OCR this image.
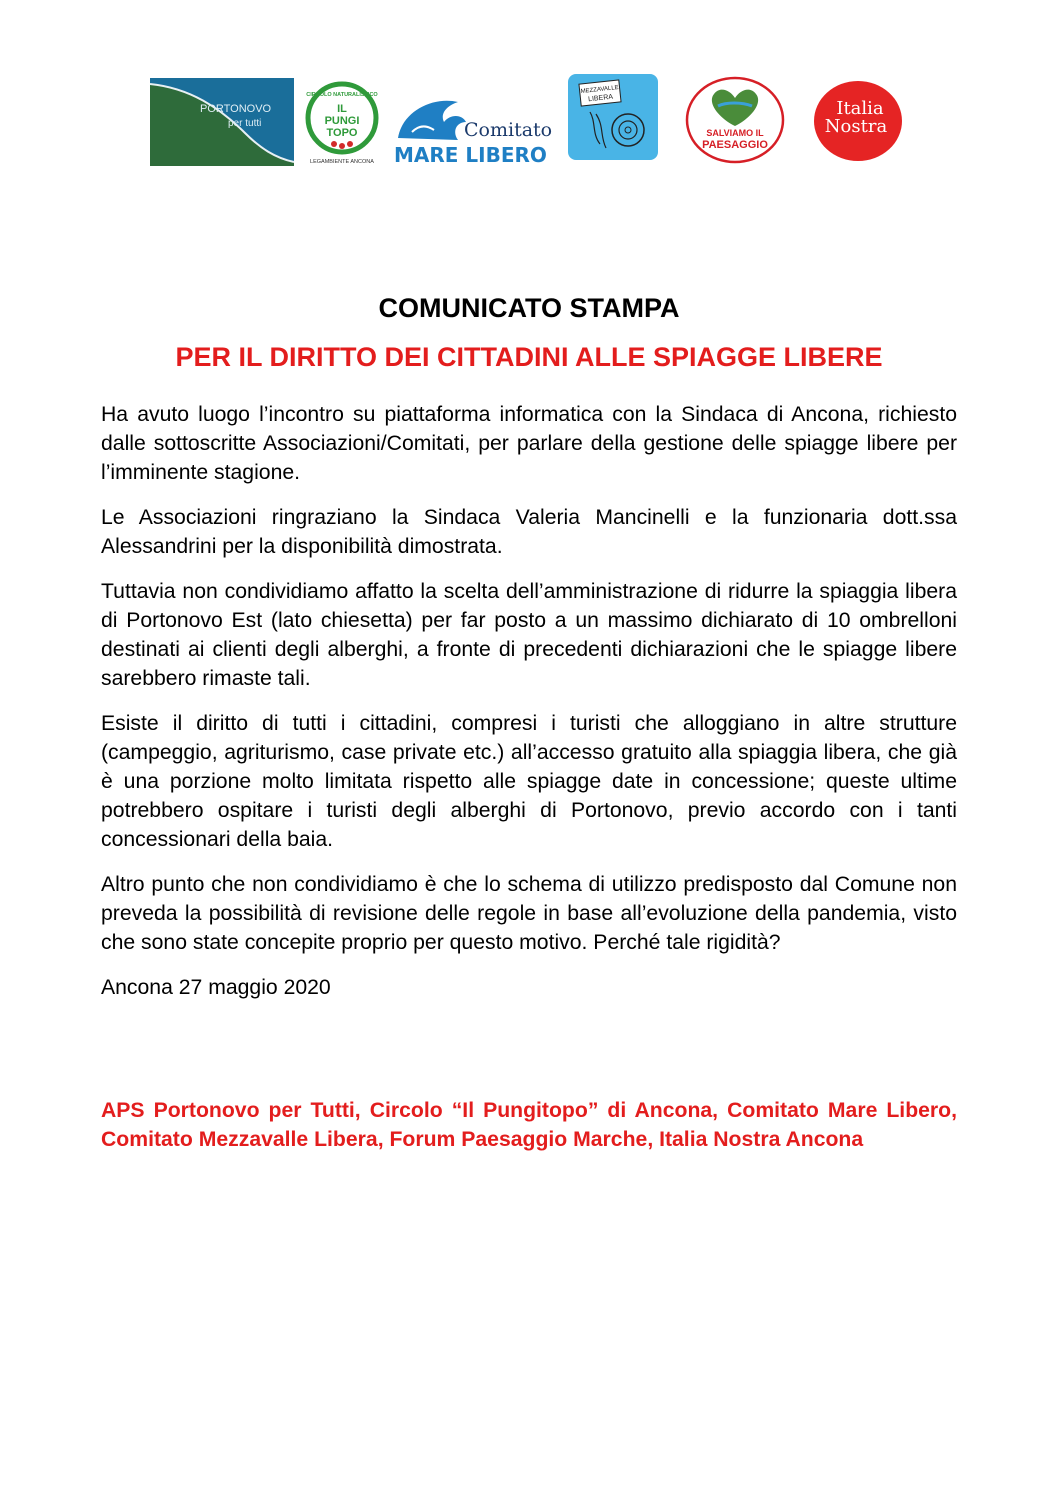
PORTONOVO
per tutti
CIRCOLO NATURALISTICO
IL
PUNGI
TOPO
LEGAMBIENTE ANCONA
Comitato
MARE LIBERO
MEZZAVALLE
LIBERA
SALVIAMO IL
PAESAGGIO
Italia
Nostra
COMUNICATO STAMPA
PER IL DIRITTO DEI CITTADINI ALLE SPIAGGE LIBERE

Ha avuto luogo l’incontro su piattaforma informatica con la Sindaca di Ancona, richiesto dalle sottoscritte Associazioni/Comitati, per parlare della gestione delle spiagge libere per l’imminente stagione.

Le Associazioni ringraziano la Sindaca Valeria Mancinelli e la funzionaria dott.ssa Alessandrini per la disponibilità dimostrata.

Tuttavia non condividiamo affatto la scelta dell’amministrazione di ridurre la spiaggia libera di Portonovo Est (lato chiesetta) per far posto a un massimo dichiarato di 10 ombrelloni destinati ai clienti degli alberghi, a fronte di precedenti dichiarazioni che le spiagge libere sarebbero rimaste tali.

Esiste il diritto di tutti i cittadini, compresi i turisti che alloggiano in altre strutture (campeggio, agriturismo, case private etc.) all’accesso gratuito alla spiaggia libera, che già è una porzione molto limitata rispetto alle spiagge date in concessione; queste ultime potrebbero ospitare i turisti degli alberghi di Portonovo, previo accordo con i tanti concessionari della baia.

Altro punto che non condividiamo è che lo schema di utilizzo predisposto dal Comune non preveda la possibilità di revisione delle regole in base all’evoluzione della pandemia, visto che sono state concepite proprio per questo motivo. Perché tale rigidità?

Ancona 27 maggio 2020

APS Portonovo per Tutti, Circolo “Il Pungitopo” di Ancona, Comitato Mare Libero, Comitato Mezzavalle Libera, Forum Paesaggio Marche, Italia Nostra Ancona
